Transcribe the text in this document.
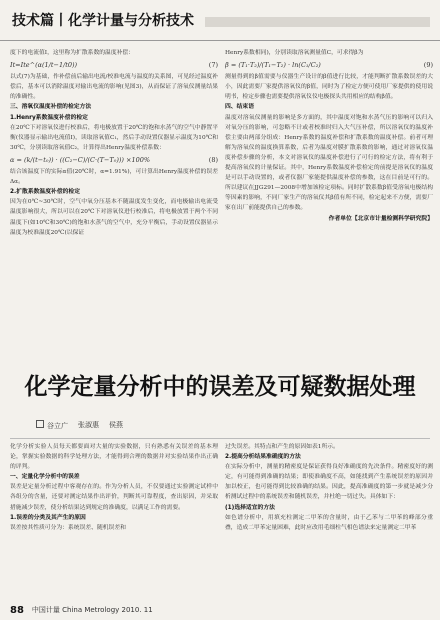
技术篇丨化学计量与分析技术

度下的电流值I，这里称为扩散系数的温度补偿：

It=Ite^(α(1/t−1/t0))	(7)

以式(7)为基础，作补偿前后输出电流/校准电流与温度的关系图，可见经过温度补偿后，基本可以消除温度对输出电流的影响(见图3)，从而保证了溶氧仪测量结果的准确性。

三、溶氧仪温度补偿的检定方法

1.Henry系数温度补偿的检定

在20℃下对溶氧仪进行校准后，将电极放置于20℃的饱和水蒸气的空气中静置平衡(仪器显示输出电流值I)，读取溶氧值C₁，然后手动设置仪器显示温度为10℃和30℃，分别读取溶氧值C₂，计算得出Henry温度补偿系数：

α = (k/(t−t₀)) · ((C₂−C)/(C·(T−T₀))) ×100%	(8)

结合该温度下的实际α值(20℃时，α=1.91%)，可计算出Henry温度补偿的误差Δα。

2.扩散系数温度补偿的检定

因为在0℃~30℃时，空气中氧分压基本不随温度发生变化，而电极输出电流受温度影响很大，所以可以在20℃下对溶氧仪进行校准后，将电极放置于两个不同温度下(如10℃和30℃)的饱和水蒸气的空气中，充分平衡后，手动设置仪器显示温度为校准温度20℃(以保证

Henry系数相同)，分别读取溶氧测量值C，可求得β为

β = (T₁·T₂)/(T₁−T₂) · ln(C₁/C₂)	(9)

测量得到的β值需要与仪器生产设计的β值进行比较，才能判断扩散系数误差的大小，因此需要厂家提供溶氧仪的β值，同时为了检定方便可使用厂家提供的使用说明书，检定步骤也需要提供溶氧仪仪电极探头共用相应的结构β值。

四、结束语

温度对溶氧仪测量的影响是多方面的，其中温度对饱和水蒸气压的影响可以归入对氧分压的影响，可忽略不计或者校准时归入大气压补偿，所以溶氧仪的温度补偿主要由两部分组成：Henry系数的温度补偿和扩散系数的温度补偿。前者可理解为溶氧仪的温度换算系数，后者为温度对膜扩散系数的影响，通过对溶氧仪温度补偿步骤的分析，本文对溶氧仪的温度补偿进行了可行的检定方法，将有利于提高溶氧仪的计量保证。其中，Henry系数温度补偿检定的前提是溶氧仪的温度是可以手动设置的，或者仪器厂家能提供温度补偿的参数，这在目前是可行的。所以建议在JJG291—2008中增加该检定项标。同时扩散系数β值受溶氧电极结构等因素的影响，不同厂家生产的溶氧仪其β值有所不同，检定起来不方便，需要厂家在出厂前能提供自己的参数。

作者单位【北京市计量检测科学研究院】

化学定量分析中的误差及可疑数据处理
谷立广 张淑惠 侯燕

化学分析实验人员每天都要面对大量的实验数据，只有熟悉有关误差的基本理论，掌握实验数据的科学处理方法，才能得到合理的数据并对实验结果作出正确的评判。

一、定量化学分析中的误差

误差是定量分析过程中客观存在的。作为分析人员，不仅要通过实验测定试样中各组分的含量，还要对测定结果作出评价，判断其可靠程度，查出原因，并采取措施减少误差，使分析结果达到规定的准确度，以满足工作的需要。

1.误差的分类及其产生的原因

误差按其性质可分为：系统误差、随机误差和

过失误差。其特点和产生的原因如表1所示。

2.提高分析结果准确度的方法

在实际分析中，测量的精密度是保证获得良好准确度的先决条件。精密度好的测定，有可能得到准确的结果；即使准确度不高，如能找到产生系统误差的原因并加以校正，也可能得到比较准确的结果。因此，提高准确度的第一步就是减少分析测试过程中的系统误差和随机误差，并杜绝一切过失。具体如下：

(1)选择适宜的方法

如色谱分析中，用填充柱测定二甲苯的含量时，由于乙苯与二甲苯的峰部分重叠，造成二甲苯定量困难，此时应改用毛细柱气相色谱法来定量测定二甲苯

88 中国计量 China Metrology 2010. 11
